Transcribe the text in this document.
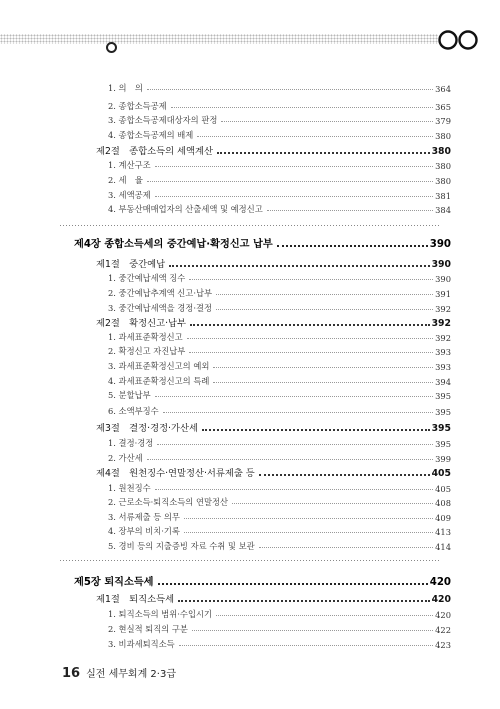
1. 의　의	364
2. 종합소득공제	365
3. 종합소득공제대상자의 판정	379
4. 종합소득공제의 배제	380
제2절　종합소득의 세액계산	380
1. 계산구조	380
2. 세　율	380
3. 세액공제	381
4. 부동산매매업자의 산출세액 및 예정신고	384
제4장 종합소득세의 중간예납·확정신고 납부	390
제1절　중간예납	390
1. 중간예납세액 징수	390
2. 중간예납추계액 신고·납부	391
3. 중간예납세액을 경정·결정	392
제2절　확정신고·납부	392
1. 과세표준확정신고	392
2. 확정신고 자진납부	393
3. 과세표준확정신고의 예외	393
4. 과세표준확정신고의 특례	394
5. 분할납부	395
6. 소액부징수	395
제3절　결정·경정·가산세	395
1. 결정·경정	395
2. 가산세	399
제4절　원천징수·연말정산·서류제출 등	405
1. 원천징수	405
2. 근로소득·퇴직소득의 연말정산	408
3. 서류제출 등 의무	409
4. 장부의 비치·기록	413
5. 경비 등의 지출증빙 자료 수취 및 보관	414
제5장 퇴직소득세	420
제1절　퇴직소득세	420
1. 퇴직소득의 범위·수입시기	420
2. 현실적 퇴직의 구분	422
3. 비과세퇴직소득	423
16 실전 세무회계 2·3급
